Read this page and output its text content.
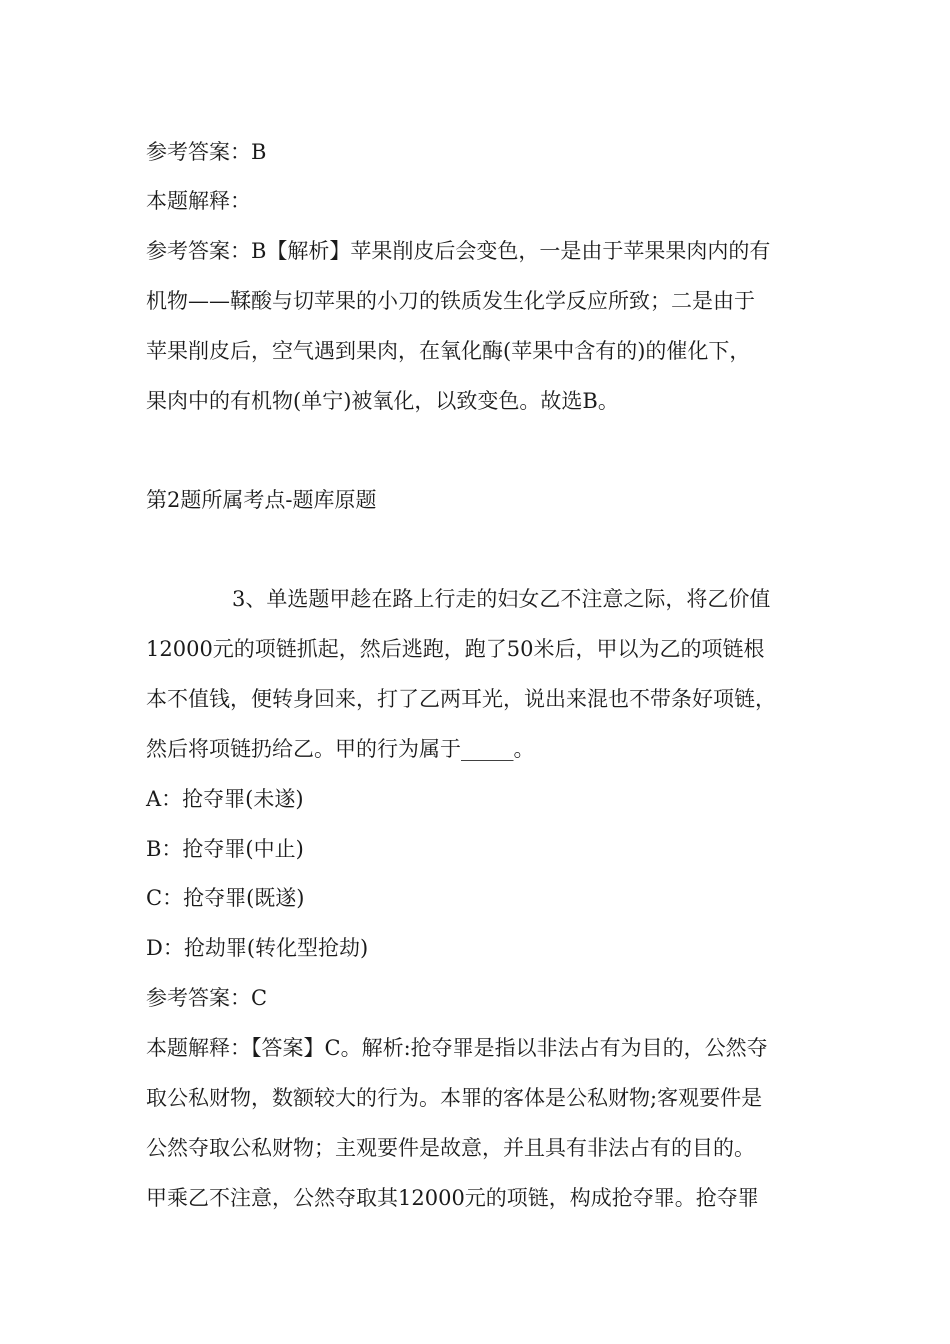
参考答案：B
本题解释：
参考答案：B【解析】苹果削皮后会变色，一是由于苹果果肉内的有
机物——鞣酸与切苹果的小刀的铁质发生化学反应所致；二是由于
苹果削皮后，空气遇到果肉，在氧化酶(苹果中含有的)的催化下，
果肉中的有机物(单宁)被氧化，以致变色。故选B。
第2题所属考点-题库原题
3、单选题甲趁在路上行走的妇女乙不注意之际，将乙价值
12000元的项链抓起，然后逃跑，跑了50米后，甲以为乙的项链根
本不值钱，便转身回来，打了乙两耳光，说出来混也不带条好项链，
然后将项链扔给乙。甲的行为属于_____。
A：抢夺罪(未遂)
B：抢夺罪(中止)
C：抢夺罪(既遂)
D：抢劫罪(转化型抢劫)
参考答案：C
本题解释：【答案】C。解析:抢夺罪是指以非法占有为目的，公然夺
取公私财物，数额较大的行为。本罪的客体是公私财物;客观要件是
公然夺取公私财物；主观要件是故意，并且具有非法占有的目的。
甲乘乙不注意，公然夺取其12000元的项链，构成抢夺罪。抢夺罪
